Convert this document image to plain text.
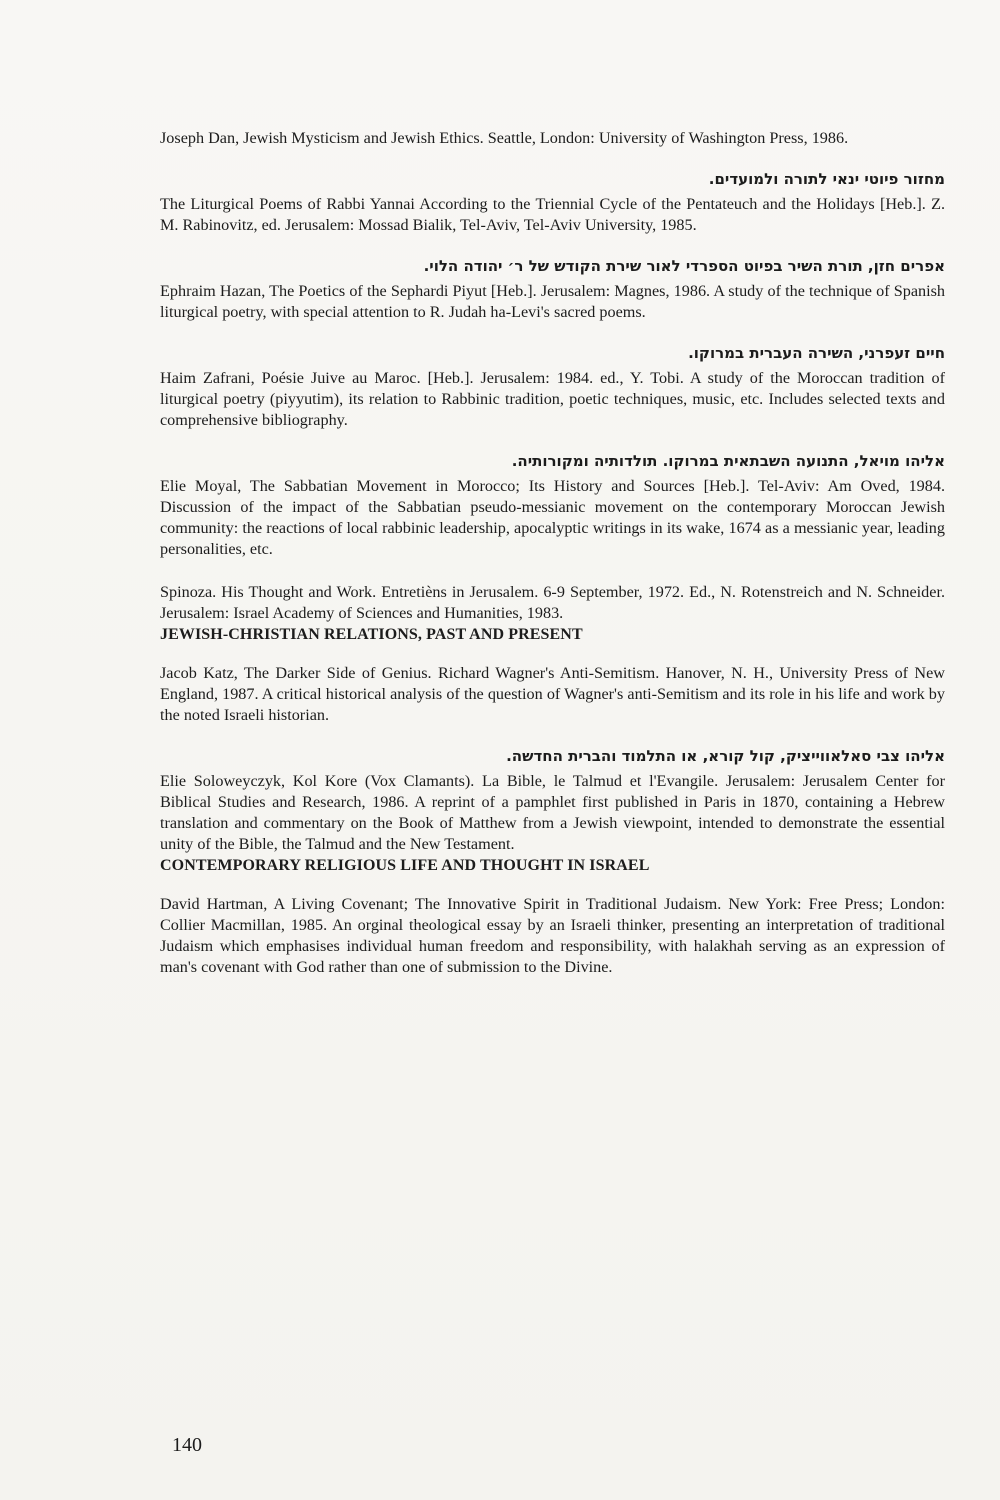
Joseph Dan, Jewish Mysticism and Jewish Ethics. Seattle, London: University of Washington Press, 1986.

מחזור פיוטי ינאי לתורה ולמועדים.

The Liturgical Poems of Rabbi Yannai According to the Triennial Cycle of the Pentateuch and the Holidays [Heb.]. Z. M. Rabinovitz, ed. Jerusalem: Mossad Bialik, Tel-Aviv, Tel-Aviv University, 1985.

אפרים חזן, תורת השיר בפיוט הספרדי לאור שירת הקודש של ר׳ יהודה הלוי.

Ephraim Hazan, The Poetics of the Sephardi Piyut [Heb.]. Jerusalem: Magnes, 1986. A study of the technique of Spanish liturgical poetry, with special attention to R. Judah ha-Levi's sacred poems.

חיים זעפרני, השירה העברית במרוקו.

Haim Zafrani, Poésie Juive au Maroc. [Heb.]. Jerusalem: 1984. ed., Y. Tobi. A study of the Moroccan tradition of liturgical poetry (piyyutim), its relation to Rabbinic tradition, poetic techniques, music, etc. Includes selected texts and comprehensive bibliography.

אליהו מויאל, התנועה השבתאית במרוקו. תולדותיה ומקורותיה.

Elie Moyal, The Sabbatian Movement in Morocco; Its History and Sources [Heb.]. Tel-Aviv: Am Oved, 1984. Discussion of the impact of the Sabbatian pseudo-messianic movement on the contemporary Moroccan Jewish community: the reactions of local rabbinic leadership, apocalyptic writings in its wake, 1674 as a messianic year, leading personalities, etc.

Spinoza. His Thought and Work. Entretièns in Jerusalem. 6-9 September, 1972. Ed., N. Rotenstreich and N. Schneider. Jerusalem: Israel Academy of Sciences and Humanities, 1983.

JEWISH-CHRISTIAN RELATIONS, PAST AND PRESENT

Jacob Katz, The Darker Side of Genius. Richard Wagner's Anti-Semitism. Hanover, N. H., University Press of New England, 1987. A critical historical analysis of the question of Wagner's anti-Semitism and its role in his life and work by the noted Israeli historian.

אליהו צבי סאלאווייציק, קול קורא, או התלמוד והברית החדשה.

Elie Soloweyczyk, Kol Kore (Vox Clamants). La Bible, le Talmud et l'Evangile. Jerusalem: Jerusalem Center for Biblical Studies and Research, 1986. A reprint of a pamphlet first published in Paris in 1870, containing a Hebrew translation and commentary on the Book of Matthew from a Jewish viewpoint, intended to demonstrate the essential unity of the Bible, the Talmud and the New Testament.

CONTEMPORARY RELIGIOUS LIFE AND THOUGHT IN ISRAEL

David Hartman, A Living Covenant; The Innovative Spirit in Traditional Judaism. New York: Free Press; London: Collier Macmillan, 1985. An orginal theological essay by an Israeli thinker, presenting an interpretation of traditional Judaism which emphasises individual human freedom and responsibility, with halakhah serving as an expression of man's covenant with God rather than one of submission to the Divine.

140
